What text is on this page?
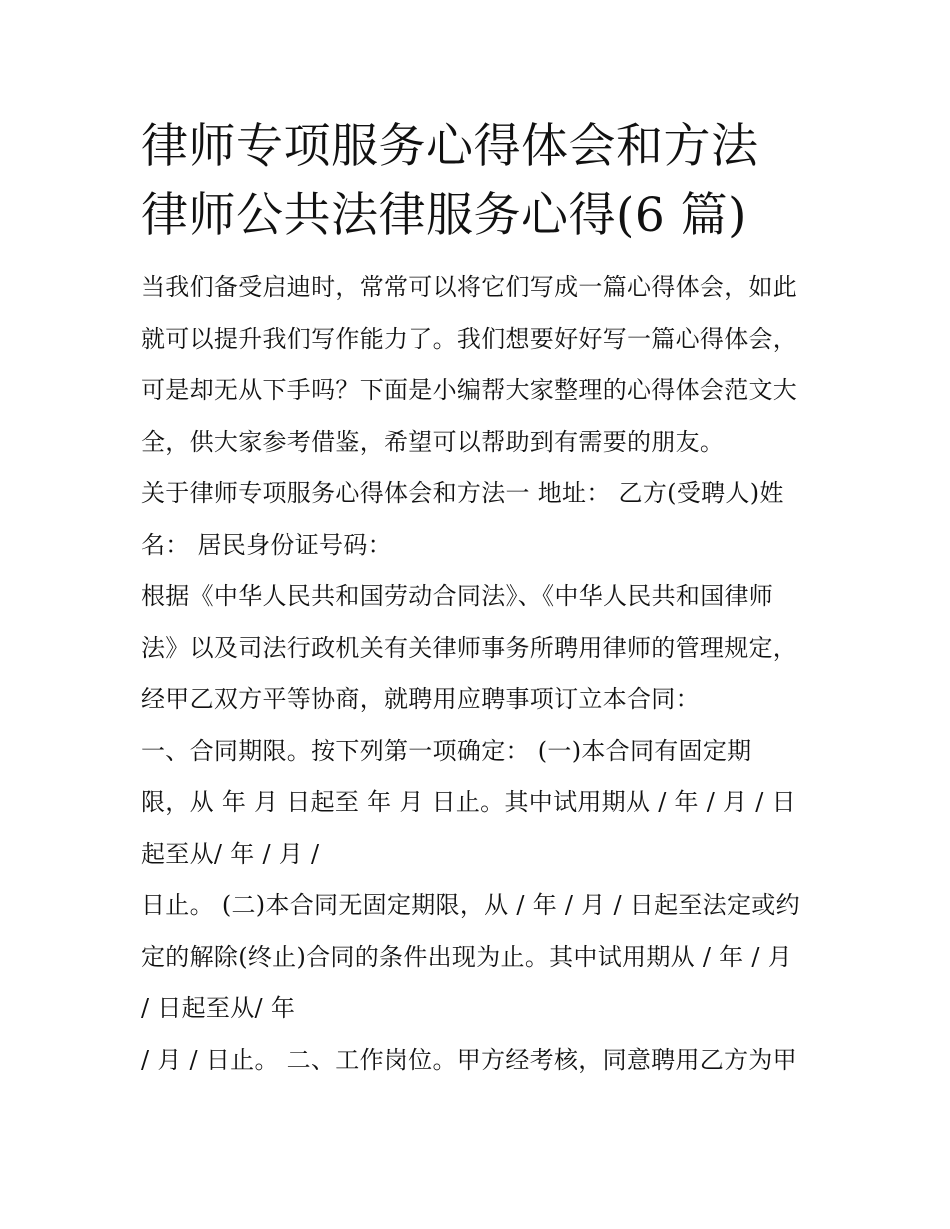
律师专项服务心得体会和方法
律师公共法律服务心得(6 篇)
当我们备受启迪时，常常可以将它们写成一篇心得体会，如此
就可以提升我们写作能力了。我们想要好好写一篇心得体会，
可是却无从下手吗？下面是小编帮大家整理的心得体会范文大
全，供大家参考借鉴，希望可以帮助到有需要的朋友。
关于律师专项服务心得体会和方法一 地址： 乙方(受聘人)姓
名： 居民身份证号码：
根据《中华人民共和国劳动合同法》、《中华人民共和国律师
法》以及司法行政机关有关律师事务所聘用律师的管理规定，
经甲乙双方平等协商，就聘用应聘事项订立本合同：
一、合同期限。按下列第一项确定： (一)本合同有固定期
限，从 年 月 日起至 年 月 日止。其中试用期从 / 年 / 月 / 日
起至从/ 年 / 月 /
日止。 (二)本合同无固定期限，从 / 年 / 月 / 日起至法定或约
定的解除(终止)合同的条件出现为止。其中试用期从 / 年 / 月
/ 日起至从/ 年
/ 月 / 日止。 二、工作岗位。甲方经考核，同意聘用乙方为甲
